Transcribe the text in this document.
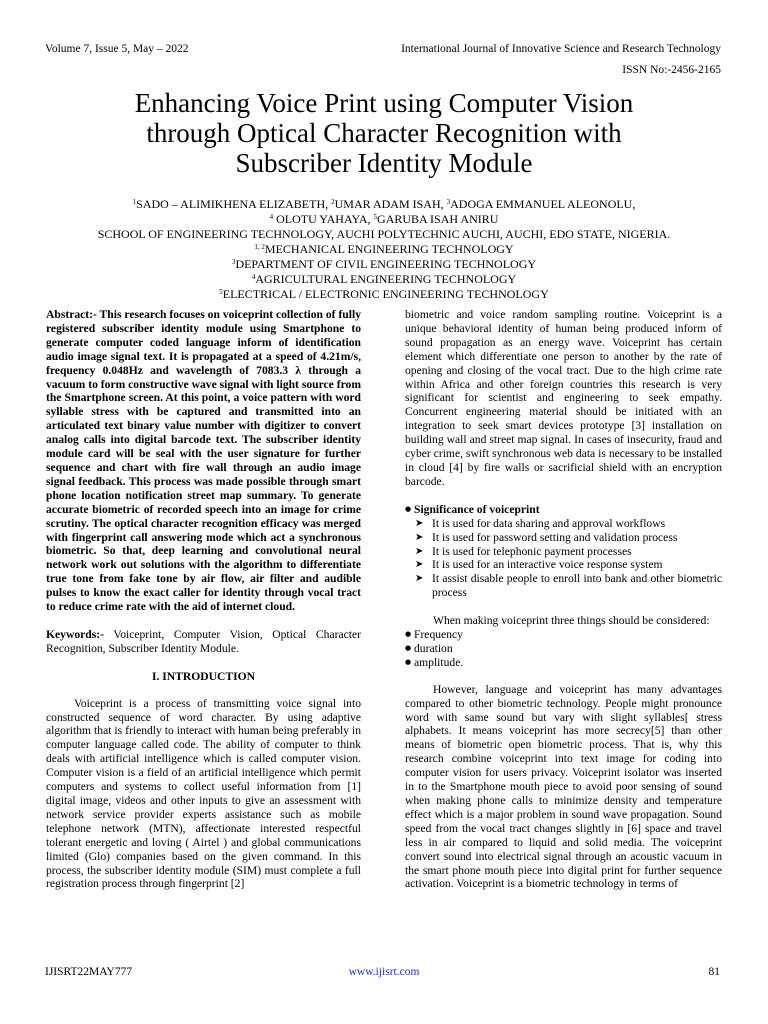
Volume 7, Issue 5, May – 2022	International Journal of Innovative Science and Research Technology
ISSN No:-2456-2165
Enhancing Voice Print using Computer Vision
through Optical Character Recognition with
Subscriber Identity Module
$^1$SADO – ALIMIKHENA ELIZABETH, $^2$UMAR ADAM ISAH, $^3$ADOGA EMMANUEL ALEONOLU,
$^4$ OLOTU YAHAYA, $^5$GARUBA ISAH ANIRU
SCHOOL OF ENGINEERING TECHNOLOGY, AUCHI POLYTECHNIC AUCHI, AUCHI, EDO STATE, NIGERIA.
$^{1, 2}$MECHANICAL ENGINEERING TECHNOLOGY
$^3$DEPARTMENT OF CIVIL ENGINEERING TECHNOLOGY
$^4$AGRICULTURAL ENGINEERING TECHNOLOGY
$^5$ELECTRICAL / ELECTRONIC ENGINEERING TECHNOLOGY

Abstract:- This research focuses on voiceprint collection of fully registered subscriber identity module using Smartphone to generate computer coded language inform of identification audio image signal text. It is propagated at a speed of 4.21m/s, frequency 0.048Hz and wavelength of 7083.3 λ through a vacuum to form constructive wave signal with light source from the Smartphone screen. At this point, a voice pattern with word syllable stress with be captured and transmitted into an articulated text binary value number with digitizer to convert analog calls into digital barcode text. The subscriber identity module card will be seal with the user signature for further sequence and chart with fire wall through an audio image signal feedback. This process was made possible through smart phone location notification street map summary. To generate accurate biometric of recorded speech into an image for crime scrutiny. The optical character recognition efficacy was merged with fingerprint call answering mode which act a synchronous biometric. So that, deep learning and convolutional neural network work out solutions with the algorithm to differentiate true tone from fake tone by air flow, air filter and audible pulses to know the exact caller for identity through vocal tract to reduce crime rate with the aid of internet cloud.

Keywords:- Voiceprint, Computer Vision, Optical Character Recognition, Subscriber Identity Module.

I. INTRODUCTION

Voiceprint is a process of transmitting voice signal into constructed sequence of word character. By using adaptive algorithm that is friendly to interact with human being preferably in computer language called code. The ability of computer to think deals with artificial intelligence which is called computer vision. Computer vision is a field of an artificial intelligence which permit computers and systems to collect useful information from [1] digital image, videos and other inputs to give an assessment with network service provider experts assistance such as mobile telephone network (MTN), affectionate interested respectful tolerant energetic and loving ( Airtel ) and global communications limited (Glo) companies based on the given command. In this process, the subscriber identity module (SIM) must complete a full registration process through fingerprint [2]

biometric and voice random sampling routine. Voiceprint is a unique behavioral identity of human being produced inform of sound propagation as an energy wave. Voiceprint has certain element which differentiate one person to another by the rate of opening and closing of the vocal tract. Due to the high crime rate within Africa and other foreign countries this research is very significant for scientist and engineering to seek empathy. Concurrent engineering material should be initiated with an integration to seek smart devices prototype [3] installation on building wall and street map signal. In cases of insecurity, fraud and cyber crime, swift synchronous web data is necessary to be installed in cloud [4] by fire walls or sacrificial shield with an encryption barcode.

● Significance of voiceprint
➤ It is used for data sharing and approval workflows
➤ It is used for password setting and validation process
➤ It is used for telephonic payment processes
➤ It is used for an interactive voice response system
➤ It assist disable people to enroll into bank and other biometric process

When making voiceprint three things should be considered:

● Frequency
● duration
● amplitude.

However, language and voiceprint has many advantages compared to other biometric technology. People might pronounce word with same sound but vary with slight syllables[ stress alphabets. It means voiceprint has more secrecy[5] than other means of biometric open biometric process. That is, why this research combine voiceprint into text image for coding into computer vision for users privacy. Voiceprint isolator was inserted in to the Smartphone mouth piece to avoid poor sensing of sound when making phone calls to minimize density and temperature effect which is a major problem in sound wave propagation. Sound speed from the vocal tract changes slightly in [6] space and travel less in air compared to liquid and solid media. The voiceprint convert sound into electrical signal through an acoustic vacuum in the smart phone mouth piece into digital print for further sequence activation. Voiceprint is a biometric technology in terms of

IJISRT22MAY777	www.ijisrt.com	81
